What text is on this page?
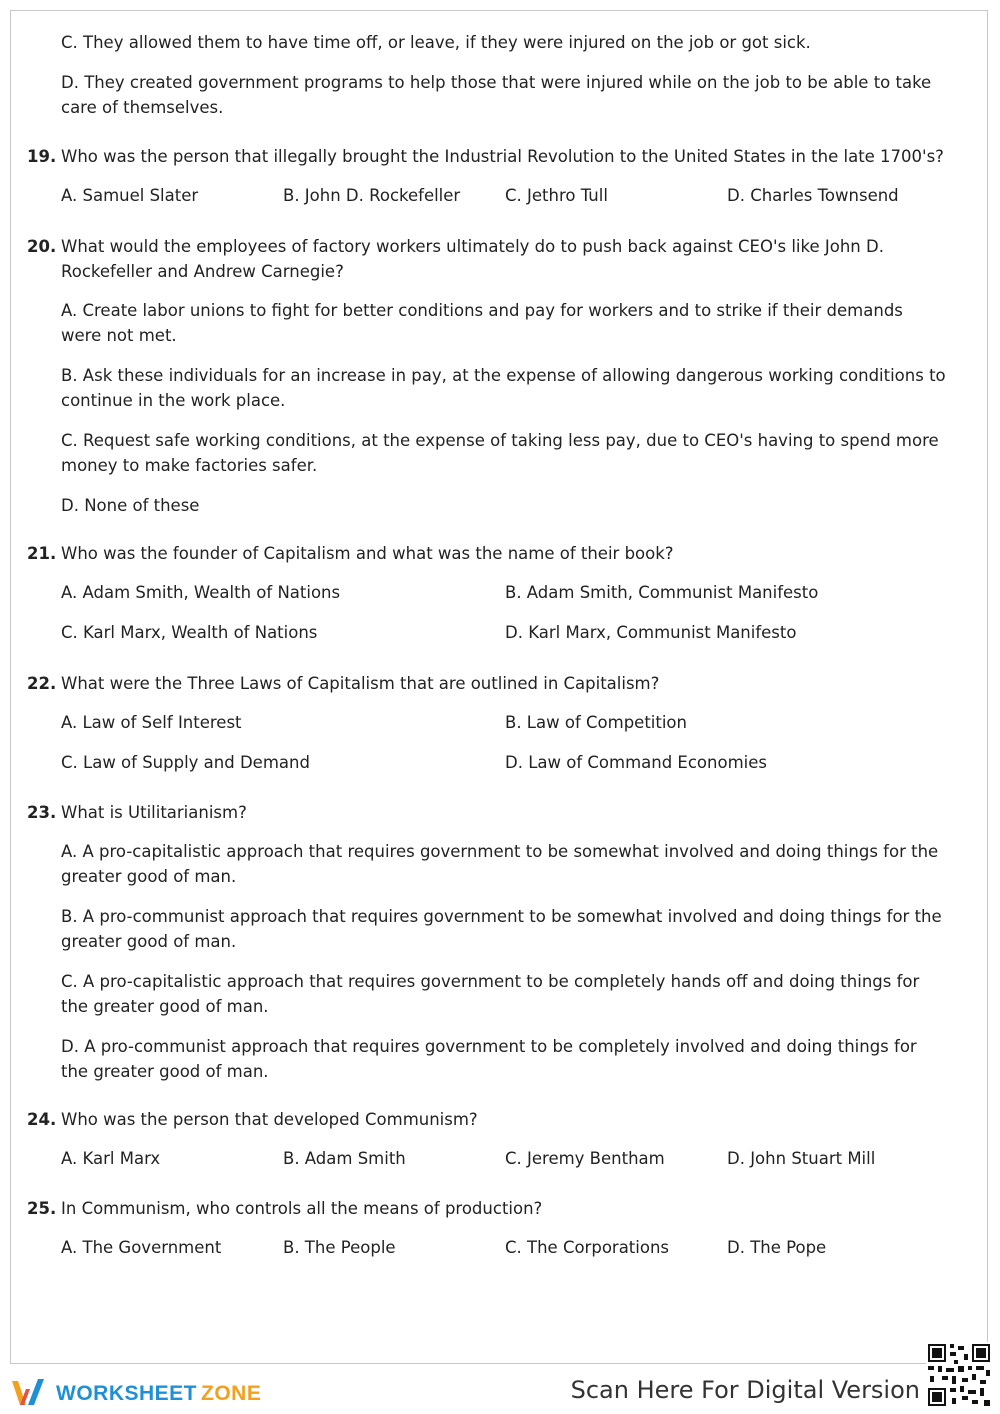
C. They allowed them to have time off, or leave, if they were injured on the job or got sick.
D. They created government programs to help those that were injured while on the job to be able to take care of themselves.
19. Who was the person that illegally brought the Industrial Revolution to the United States in the late 1700's?
A. Samuel Slater	B. John D. Rockefeller	C. Jethro Tull	D. Charles Townsend
20. What would the employees of factory workers ultimately do to push back against CEO's like John D. Rockefeller and Andrew Carnegie?
A. Create labor unions to fight for better conditions and pay for workers and to strike if their demands were not met.
B. Ask these individuals for an increase in pay, at the expense of allowing dangerous working conditions to continue in the work place.
C. Request safe working conditions, at the expense of taking less pay, due to CEO's having to spend more money to make factories safer.
D. None of these
21. Who was the founder of Capitalism and what was the name of their book?
A. Adam Smith, Wealth of Nations	B. Adam Smith, Communist Manifesto
C. Karl Marx, Wealth of Nations	D. Karl Marx, Communist Manifesto
22. What were the Three Laws of Capitalism that are outlined in Capitalism?
A. Law of Self Interest	B. Law of Competition
C. Law of Supply and Demand	D. Law of Command Economies
23. What is Utilitarianism?
A. A pro-capitalistic approach that requires government to be somewhat involved and doing things for the greater good of man.
B. A pro-communist approach that requires government to be somewhat involved and doing things for the greater good of man.
C. A pro-capitalistic approach that requires government to be completely hands off and doing things for the greater good of man.
D. A pro-communist approach that requires government to be completely involved and doing things for the greater good of man.
24. Who was the person that developed Communism?
A. Karl Marx	B. Adam Smith	C. Jeremy Bentham	D. John Stuart Mill
25. In Communism, who controls all the means of production?
A. The Government	B. The People	C. The Corporations	D. The Pope
WORKSHEET ZONE	Scan Here For Digital Version
